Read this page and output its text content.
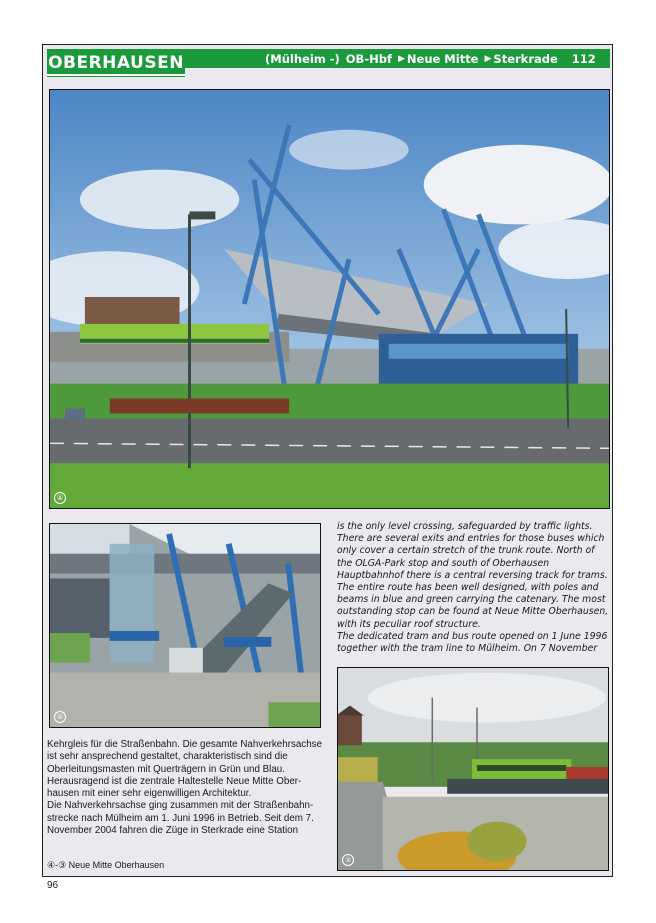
OBERHAUSEN	(Mülheim -) OB-Hbf ▶ Neue Mitte ▶ Sterkrade 112
④
②
③

is the only level crossing, safeguarded by traffic lights. There are several exits and entries for those buses which only cover a certain stretch of the trunk route. North of the OLGA-Park stop and south of Oberhausen Hauptbahnhof there is a central reversing track for trams. The entire route has been well designed, with poles and beams in blue and green carrying the catenary. The most outstanding stop can be found at Neue Mitte Oberhausen, with its peculiar roof structure.

The dedicated tram and bus route opened on 1 June 1996 together with the tram line to Mülheim. On 7 November

Kehrgleis für die Straßenbahn. Die gesamte Nahverkehrsachse ist sehr ansprechend gestaltet, charakteristisch sind die Oberleitungsmasten mit Querträgern in Grün und Blau. Herausragend ist die zentrale Haltestelle Neue Mitte Oberhausen mit einer sehr eigenwilligen Architektur.

Die Nahverkehrsachse ging zusammen mit der Straßenbahnstrecke nach Mülheim am 1. Juni 1996 in Betrieb. Seit dem 7. November 2004 fahren die Züge in Sterkrade eine Station

④-③ Neue Mitte Oberhausen
96
